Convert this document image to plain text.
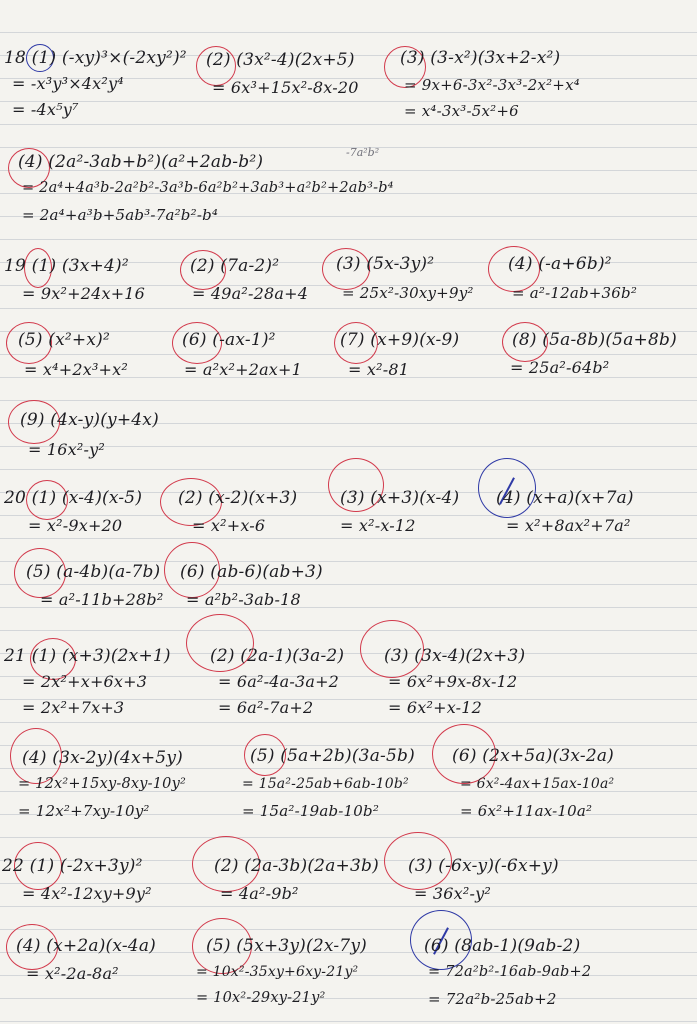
18 (1) (-xy)³×(-2xy²)²
= -x³y³×4x²y⁴
= -4x⁵y⁷
(2) (3x²-4)(2x+5)
= 6x³+15x²-8x-20
(3) (3-x²)(3x+2-x²)
= 9x+6-3x²-3x³-2x²+x⁴
= x⁴-3x³-5x²+6
(4) (2a²-3ab+b²)(a²+2ab-b²)	-7a²b²
= 2a⁴+4a³b-2a²b²-3a³b-6a²b²+3ab³+a²b²+2ab³-b⁴
= 2a⁴+a³b+5ab³-7a²b²-b⁴
19 (1) (3x+4)²
= 9x²+24x+16
(2) (7a-2)²
= 49a²-28a+4
(3) (5x-3y)²
= 25x²-30xy+9y²
(4) (-a+6b)²
= a²-12ab+36b²
(5) (x²+x)²
= x⁴+2x³+x²
(6) (-ax-1)²
= a²x²+2ax+1
(7) (x+9)(x-9)
= x²-81
(8) (5a-8b)(5a+8b)
= 25a²-64b²
(9) (4x-y)(y+4x)
= 16x²-y²
20 (1) (x-4)(x-5)
= x²-9x+20
(2) (x-2)(x+3)
= x²+x-6
(3) (x+3)(x-4)
= x²-x-12
(4) (x+a)(x+7a)
= x²+8ax²+7a²
(5) (a-4b)(a-7b)
= a²-11b+28b²
(6) (ab-6)(ab+3)
= a²b²-3ab-18
21 (1) (x+3)(2x+1)
= 2x²+x+6x+3
= 2x²+7x+3
(2) (2a-1)(3a-2)
= 6a²-4a-3a+2
= 6a²-7a+2
(3) (3x-4)(2x+3)
= 6x²+9x-8x-12
= 6x²+x-12
(4) (3x-2y)(4x+5y)
= 12x²+15xy-8xy-10y²
= 12x²+7xy-10y²
(5) (5a+2b)(3a-5b)
= 15a²-25ab+6ab-10b²
= 15a²-19ab-10b²
(6) (2x+5a)(3x-2a)
= 6x²-4ax+15ax-10a²
= 6x²+11ax-10a²
22 (1) (-2x+3y)²
= 4x²-12xy+9y²
(2) (2a-3b)(2a+3b)
= 4a²-9b²
(3) (-6x-y)(-6x+y)
= 36x²-y²
(4) (x+2a)(x-4a)
= x²-2a-8a²
(5) (5x+3y)(2x-7y)
= 10x²-35xy+6xy-21y²
= 10x²-29xy-21y²
(6) (8ab-1)(9ab-2)
= 72a²b²-16ab-9ab+2
= 72a²b-25ab+2
